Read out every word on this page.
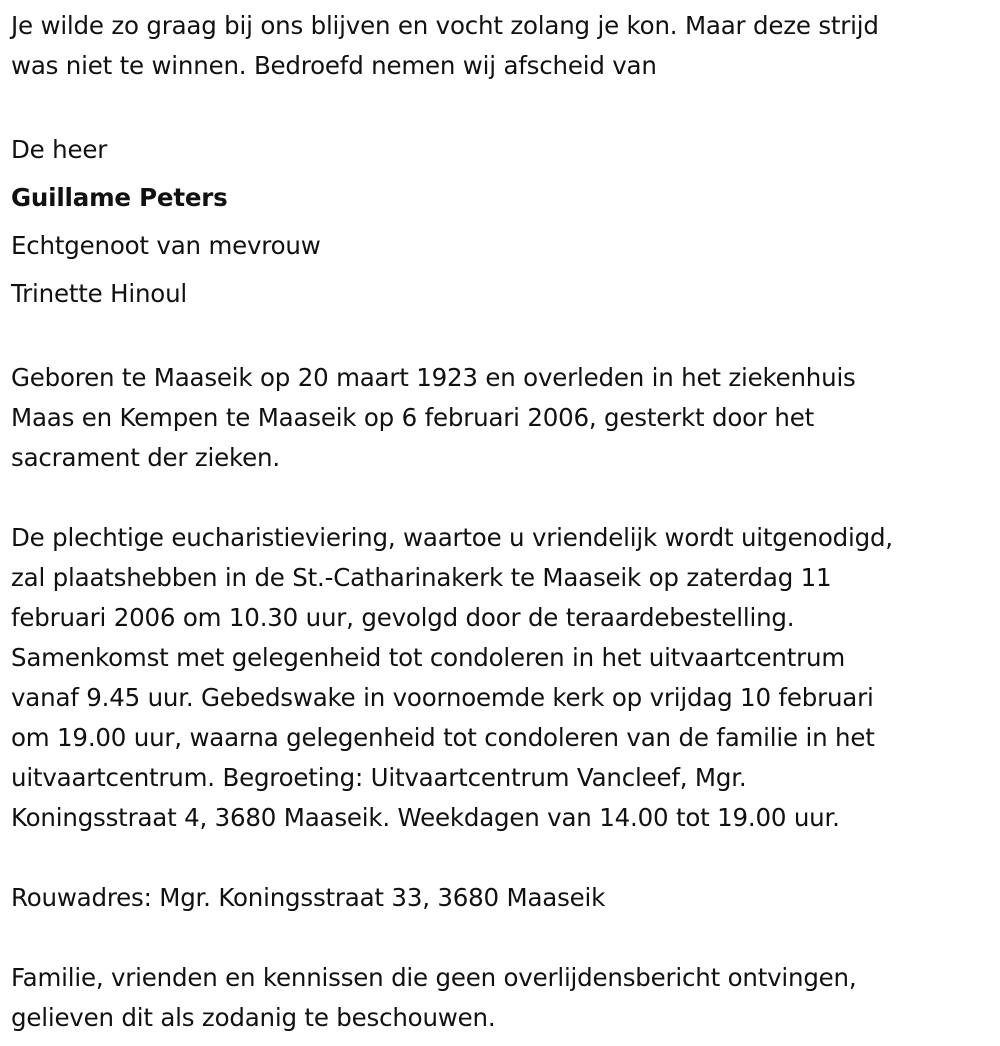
Je wilde zo graag bij ons blijven en vocht zolang je kon. Maar deze strijd
was niet te winnen. Bedroefd nemen wij afscheid van

De heer

Guillame Peters

Echtgenoot van mevrouw

Trinette Hinoul

Geboren te Maaseik op 20 maart 1923 en overleden in het ziekenhuis
Maas en Kempen te Maaseik op 6 februari 2006, gesterkt door het
sacrament der zieken.

De plechtige eucharistieviering, waartoe u vriendelijk wordt uitgenodigd,
zal plaatshebben in de St.-Catharinakerk te Maaseik op zaterdag 11
februari 2006 om 10.30 uur, gevolgd door de teraardebestelling.
Samenkomst met gelegenheid tot condoleren in het uitvaartcentrum
vanaf 9.45 uur. Gebedswake in voornoemde kerk op vrijdag 10 februari
om 19.00 uur, waarna gelegenheid tot condoleren van de familie in het
uitvaartcentrum. Begroeting: Uitvaartcentrum Vancleef, Mgr.
Koningsstraat 4, 3680 Maaseik. Weekdagen van 14.00 tot 19.00 uur.

Rouwadres: Mgr. Koningsstraat 33, 3680 Maaseik

Familie, vrienden en kennissen die geen overlijdensbericht ontvingen,
gelieven dit als zodanig te beschouwen.
